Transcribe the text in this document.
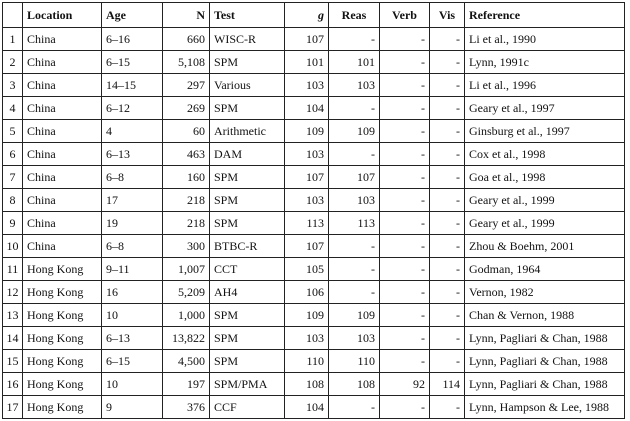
	Location	Age	N	Test	g	Reas	Verb	Vis	Reference
1	China	6–16	660	WISC-R	107	-	-	-	Li et al., 1990
2	China	6–15	5,108	SPM	101	101	-	-	Lynn, 1991c
3	China	14–15	297	Various	103	103	-	-	Li et al., 1996
4	China	6–12	269	SPM	104	-	-	-	Geary et al., 1997
5	China	4	60	Arithmetic	109	109	-	-	Ginsburg et al., 1997
6	China	6–13	463	DAM	103	-	-	-	Cox et al., 1998
7	China	6–8	160	SPM	107	107	-	-	Goa et al., 1998
8	China	17	218	SPM	103	103	-	-	Geary et al., 1999
9	China	19	218	SPM	113	113	-	-	Geary et al., 1999
10	China	6–8	300	BTBC-R	107	-	-	-	Zhou & Boehm, 2001
11	Hong Kong	9–11	1,007	CCT	105	-	-	-	Godman, 1964
12	Hong Kong	16	5,209	AH4	106	-	-	-	Vernon, 1982
13	Hong Kong	10	1,000	SPM	109	109	-	-	Chan & Vernon, 1988
14	Hong Kong	6–13	13,822	SPM	103	103	-	-	Lynn, Pagliari & Chan, 1988
15	Hong Kong	6–15	4,500	SPM	110	110	-	-	Lynn, Pagliari & Chan, 1988
16	Hong Kong	10	197	SPM/PMA	108	108	92	114	Lynn, Pagliari & Chan, 1988
17	Hong Kong	9	376	CCF	104	-	-	-	Lynn, Hampson & Lee, 1988
